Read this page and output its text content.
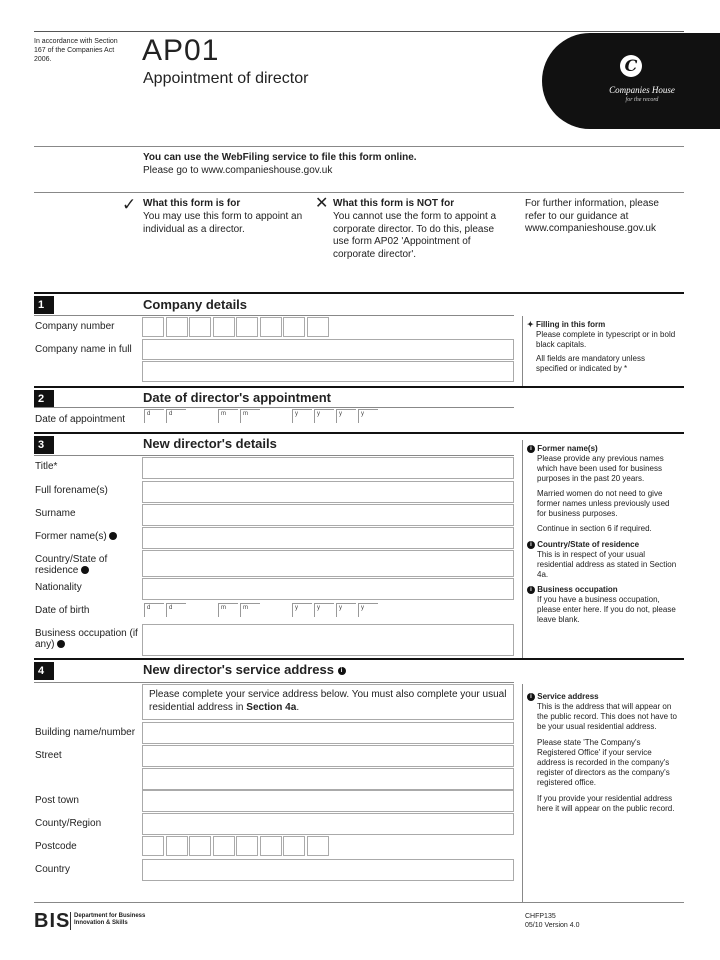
In accordance with Section 167 of the Companies Act 2006.	AP01
Appointment of director
C
Companies House
for the record
You can use the WebFiling service to file this form online.
Please go to www.companieshouse.gov.uk
✓ What this form is for
You may use this form to appoint an individual as a director.
✕ What this form is NOT for
You cannot use the form to appoint a corporate director. To do this, please use form AP02 'Appointment of corporate director'.
For further information, please refer to our guidance at www.companieshouse.gov.uk
1	Company details
Company number
Company name in full
✦ Filling in this form

Please complete in typescript or in bold black capitals.
All fields are mandatory unless specified or indicated by *
2	Date of director's appointment
Date of appointment	d	d	m	m	y	y	y	y
3	New director's details
Title*
Full forename(s)
Surname
Former name(s)
Country/State of residence
Nationality
Date of birth	d	d	m	m	y	y	y	y
Business occupation (if any)
i Former name(s)
Please provide any previous names which have been used for business purposes in the past 20 years.
Married women do not need to give former names unless previously used for business purposes.
Continue in section 6 if required.
i Country/State of residence
This is in respect of your usual residential address as stated in Section 4a.
i Business occupation
If you have a business occupation, please enter here. If you do not, please leave blank.
4	New director's service address i
Please complete your service address below. You must also complete your usual residential address in Section 4a.
Building name/number
Street
Post town
County/Region
Postcode
Country
i Service address
This is the address that will appear on the public record. This does not have to be your usual residential address.
Please state 'The Company's Registered Office' if your service address is recorded in the company's register of directors as the company's registered office.
If you provide your residential address here it will appear on the public record.
BIS Department for Business Innovation & Skills
CHFP135
05/10 Version 4.0
